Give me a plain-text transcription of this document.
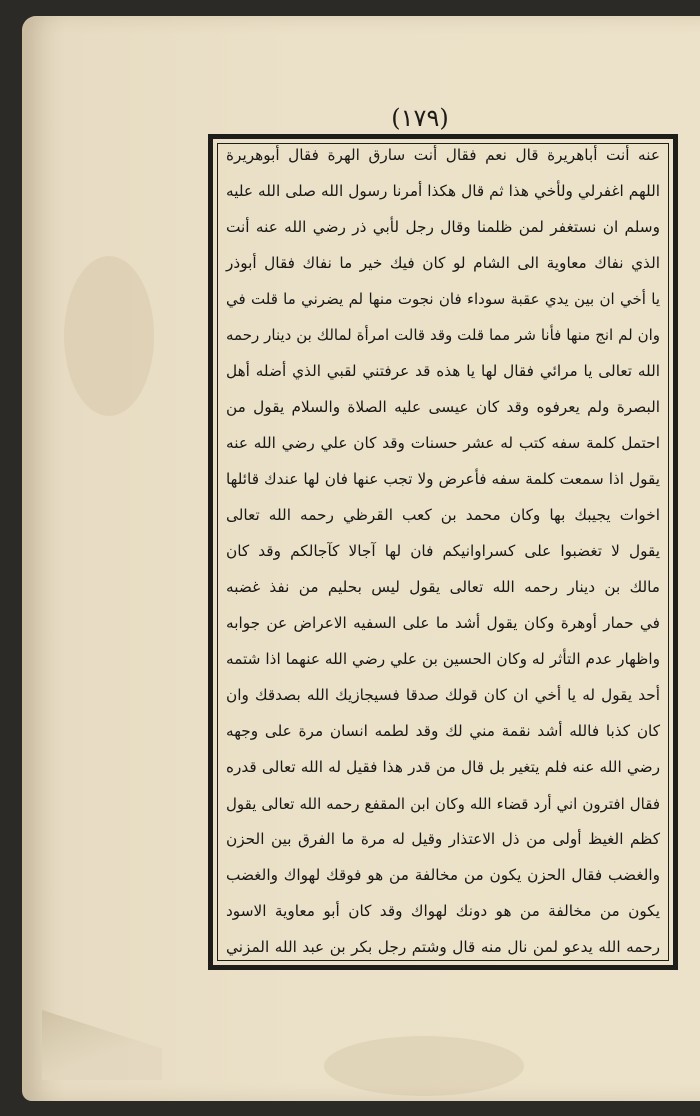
(١٧٩)
عنه أنت أباهريرة قال نعم فقال أنت سارق الهرة فقال أبوهريرة
اللهم اغفرلي ولأخي هذا ثم قال هكذا أمرنا رسول الله صلى الله عليه
وسلم ان نستغفر لمن ظلمنا وقال رجل لأبي ذر رضي الله عنه أنت
الذي نفاك معاوية الى الشام لو كان فيك خير ما نفاك فقال أبوذر
يا أخي ان بين يدي عقبة سوداء فان نجوت منها لم يضرني ما قلت في
وان لم انج منها فأنا شر مما قلت وقد قالت امرأة لمالك بن دينار رحمه
الله تعالى يا مرائي فقال لها يا هذه قد عرفتني لقبي الذي أضله أهل
البصرة ولم يعرفوه وقد كان عيسى عليه الصلاة والسلام يقول من
احتمل كلمة سفه كتب له عشر حسنات وقد كان علي رضي الله عنه
يقول اذا سمعت كلمة سفه فأعرض ولا تجب عنها فان لها عندك قائلها
اخوات يجيبك بها وكان محمد بن كعب القرظي رحمه الله تعالى
يقول لا تغضبوا على كسراوانيكم فان لها آجالا كآجالكم وقد كان
مالك بن دينار رحمه الله تعالى يقول ليس بحليم من نفذ غضبه
في حمار أوهرة وكان يقول أشد ما على السفيه الاعراض عن جوابه
واظهار عدم التأثر له وكان الحسين بن علي رضي الله عنهما اذا شتمه
أحد يقول له يا أخي ان كان قولك صدقا فسيجازيك الله بصدقك وان
كان كذبا فالله أشد نقمة مني لك وقد لطمه انسان مرة على وجهه
رضي الله عنه فلم يتغير بل قال من قدر هذا فقيل له الله تعالى قدره
فقال افترون اني أرد قضاء الله وكان ابن المقفع رحمه الله تعالى يقول
كظم الغيظ أولى من ذل الاعتذار وقيل له مرة ما الفرق بين الحزن
والغضب فقال الحزن يكون من مخالفة من هو فوقك لهواك والغضب
يكون من مخالفة من هو دونك لهواك وقد كان أبو معاوية الاسود
رحمه الله يدعو لمن نال منه قال وشتم رجل بكر بن عبد الله المزني
